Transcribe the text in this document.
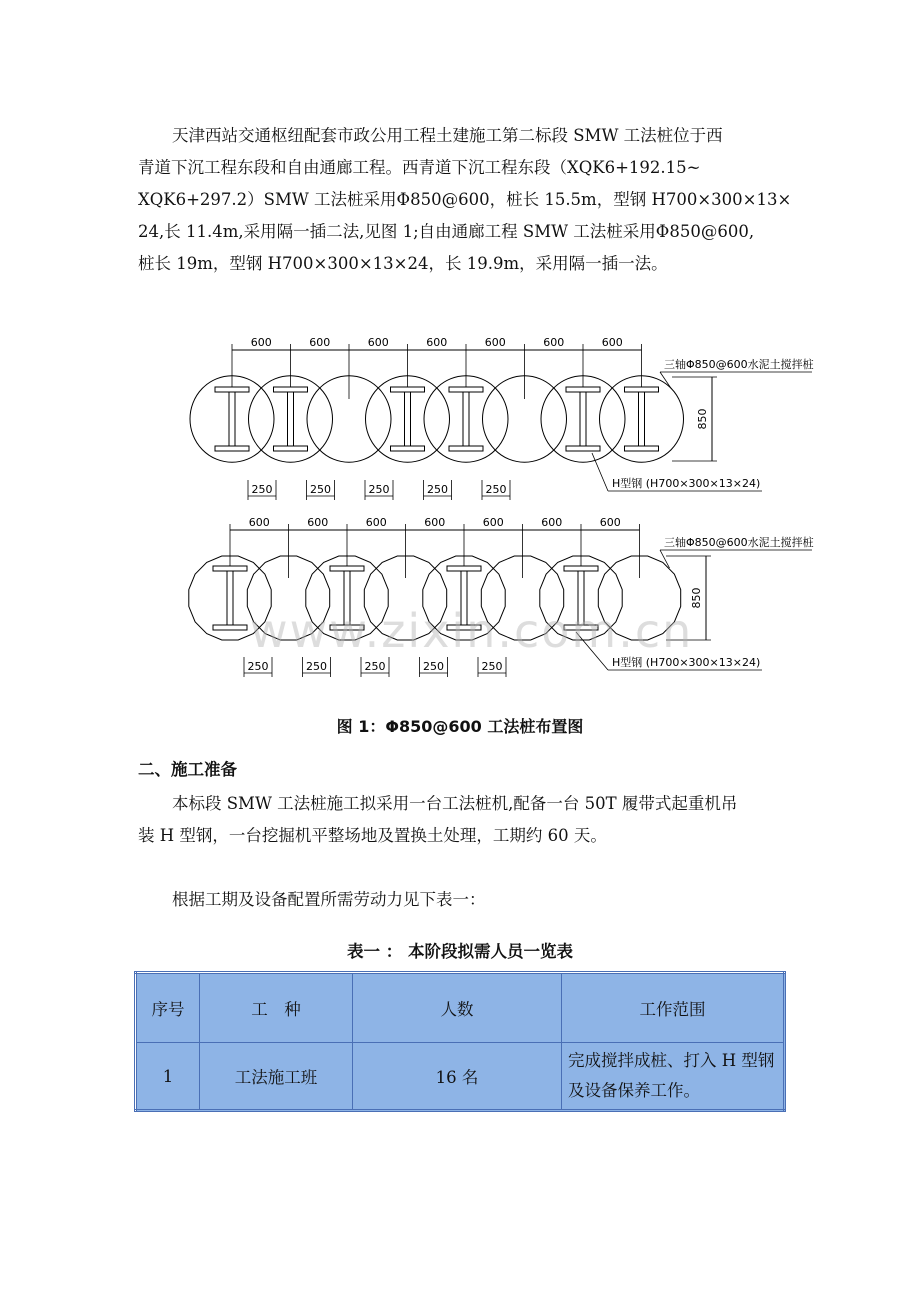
天津西站交通枢纽配套市政公用工程土建施工第二标段 SMW 工法桩位于西
青道下沉工程东段和自由通廊工程。西青道下沉工程东段（XQK6+192.15~
XQK6+297.2）SMW 工法桩采用Φ850@600，桩长 15.5m，型钢 H700×300×13×
24,长 11.4m,采用隔一插二法,见图 1;自由通廊工程 SMW 工法桩采用Φ850@600,
桩长 19m，型钢 H700×300×13×24，长 19.9m，采用隔一插一法。
600	600	600	600	600	600	600
250	250	250	250	250
850
三轴Φ850@600水泥土搅拌桩
H型钢 (H700×300×13×24)
600	600	600	600	600	600	600
250	250	250	250	250
850
三轴Φ850@600水泥土搅拌桩
H型钢 (H700×300×13×24)
www.zixin.com.cn
图 1：Φ850@600 工法桩布置图
二、施工准备
本标段 SMW 工法桩施工拟采用一台工法桩机,配备一台 50T 履带式起重机吊
装 H 型钢，一台挖掘机平整场地及置换土处理，工期约 60 天。
根据工期及设备配置所需劳动力见下表一：
表一 ： 本阶段拟需人员一览表
序号	工　种	人数	工作范围
1	工法施工班	16 名	完成搅拌成桩、打入 H 型钢及设备保养工作。
